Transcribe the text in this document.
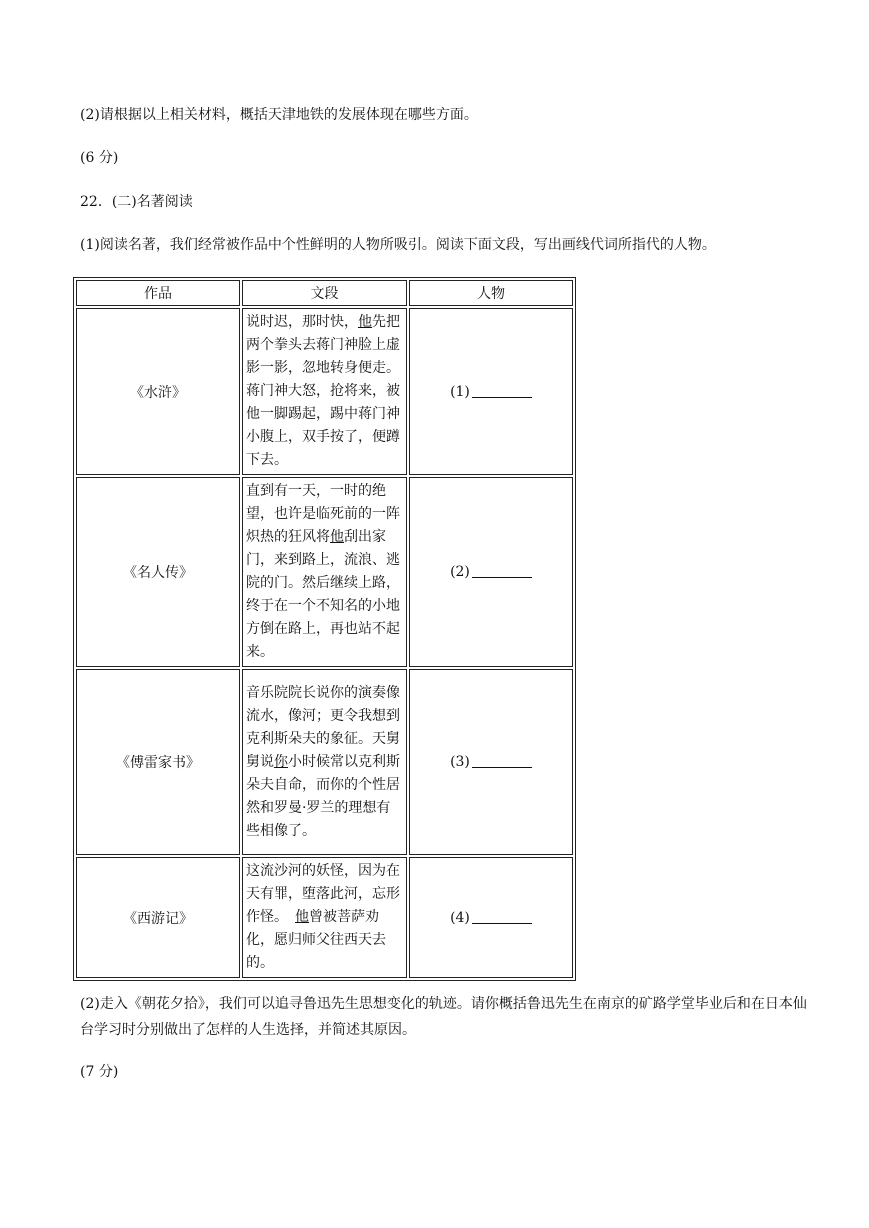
(2)请根据以上相关材料，概括天津地铁的发展体现在哪些方面。
(6 分)
22．(二)名著阅读
(1)阅读名著，我们经常被作品中个性鲜明的人物所吸引。阅读下面文段，写出画线代词所指代的人物。
作品	文段	人物
《水浒》	说时迟，那时快，他先把两个拳头去蒋门神脸上虚影一影，忽地转身便走。蒋门神大怒，抢将来，被他一脚踢起，踢中蒋门神小腹上，双手按了，便蹲下去。	(1)
《名人传》	直到有一天，一时的绝望，也许是临死前的一阵炽热的狂风将他刮出家门，来到路上，流浪、逃院的门。然后继续上路，终于在一个不知名的小地方倒在路上，再也站不起来。	(2)
《傅雷家书》	音乐院院长说你的演奏像流水，像河；更令我想到克利斯朵夫的象征。天舅舅说你小时候常以克利斯朵夫自命，而你的个性居然和罗曼·罗兰的理想有些相像了。	(3)
《西游记》	这流沙河的妖怪，因为在天有罪，堕落此河，忘形作怪。　他曾被菩萨劝化，愿归师父往西天去的。	(4)
(2)走入《朝花夕拾》，我们可以追寻鲁迅先生思想变化的轨迹。请你概括鲁迅先生在南京的矿路学堂毕业后和在日本仙台学习时分别做出了怎样的人生选择，并简述其原因。
(7 分)
